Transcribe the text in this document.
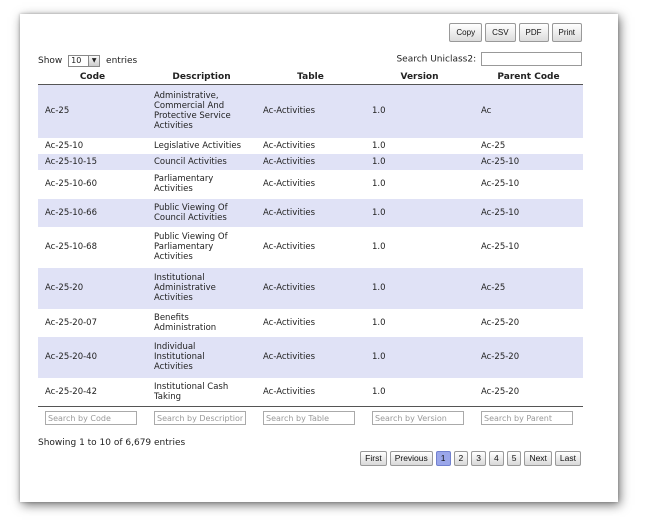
Copy	CSV	PDF	Print
Show 10	▼ entries	Search Uniclass2:
Code	Description	Table	Version	Parent Code
Ac-25	Administrative,
Commercial And
Protective Service
Activities	Ac-Activities	1.0	Ac
Ac-25-10	Legislative Activities	Ac-Activities	1.0	Ac-25
Ac-25-10-15	Council Activities	Ac-Activities	1.0	Ac-25-10
Ac-25-10-60	Parliamentary
Activities	Ac-Activities	1.0	Ac-25-10
Ac-25-10-66	Public Viewing Of
Council Activities	Ac-Activities	1.0	Ac-25-10
Ac-25-10-68	Public Viewing Of
Parliamentary
Activities	Ac-Activities	1.0	Ac-25-10
Ac-25-20	Institutional
Administrative
Activities	Ac-Activities	1.0	Ac-25
Ac-25-20-07	Benefits
Administration	Ac-Activities	1.0	Ac-25-20
Ac-25-20-40	Individual
Institutional
Activities	Ac-Activities	1.0	Ac-25-20
Ac-25-20-42	Institutional Cash
Taking	Ac-Activities	1.0	Ac-25-20
Search by Code	Search by Description	Search by Table	Search by Version	Search by Parent
Showing 1 to 10 of 6,679 entries
First	Previous	1	2	3	4	5	Next	Last
